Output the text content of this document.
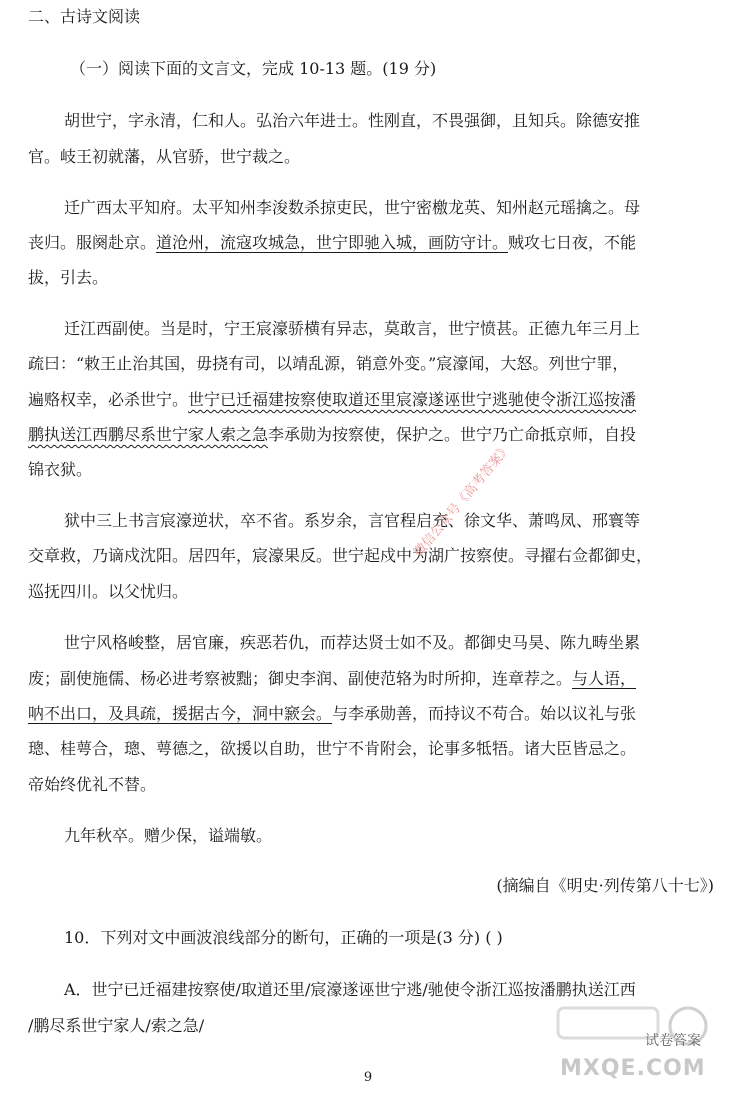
二、古诗文阅读
（一）阅读下面的文言文，完成 10-13 题。(19 分)
胡世宁，字永清，仁和人。弘治六年进士。性刚直，不畏强御，且知兵。除德安推
官。岐王初就藩，从官骄，世宁裁之。
迁广西太平知府。太平知州李浚数杀掠吏民，世宁密檄龙英、知州赵元瑶擒之。母
丧归。服阕赴京。道沧州，流寇攻城急，世宁即驰入城，画防守计。贼攻七日夜，不能
拔，引去。
迁江西副使。当是时，宁王宸濠骄横有异志，莫敢言，世宁愤甚。正德九年三月上
疏曰：“敕王止治其国，毋挠有司，以靖乱源，销意外变。”宸濠闻，大怒。列世宁罪，
遍赂权幸，必杀世宁。世宁已迁福建按察使取道还里宸濠遂诬世宁逃驰使令浙江巡按潘
鹏执送江西鹏尽系世宁家人索之急李承勋为按察使，保护之。世宁乃亡命抵京师，自投
锦衣狱。
狱中三上书言宸濠逆状，卒不省。系岁余，言官程启充、徐文华、萧鸣凤、邢寰等
交章救，乃谪戍沈阳。居四年，宸濠果反。世宁起戍中为湖广按察使。寻擢右佥都御史，
巡抚四川。以父忧归。
世宁风格峻整，居官廉，疾恶若仇，而荐达贤士如不及。都御史马昊、陈九畴坐累
废；副使施儒、杨必进考察被黜；御史李润、副使范辂为时所抑，连章荐之。与人语，
呐不出口，及具疏，援据古今，洞中窾会。与李承勋善，而持议不苟合。始以议礼与张
璁、桂萼合，璁、萼德之，欲援以自助，世宁不肯附会，论事多牴牾。诸大臣皆忌之。
帝始终优礼不替。
九年秋卒。赠少保，谥端敏。
(摘编自《明史·列传第八十七》)
10．下列对文中画波浪线部分的断句，正确的一项是(3 分) ( )
A．世宁已迁福建按察使/取道还里/宸濠遂诬世宁逃/驰使令浙江巡按潘鹏执送江西
/鹏尽系世宁家人/索之急/
9
微信公众号《高考答案》
试卷答案
MXQE.COM
